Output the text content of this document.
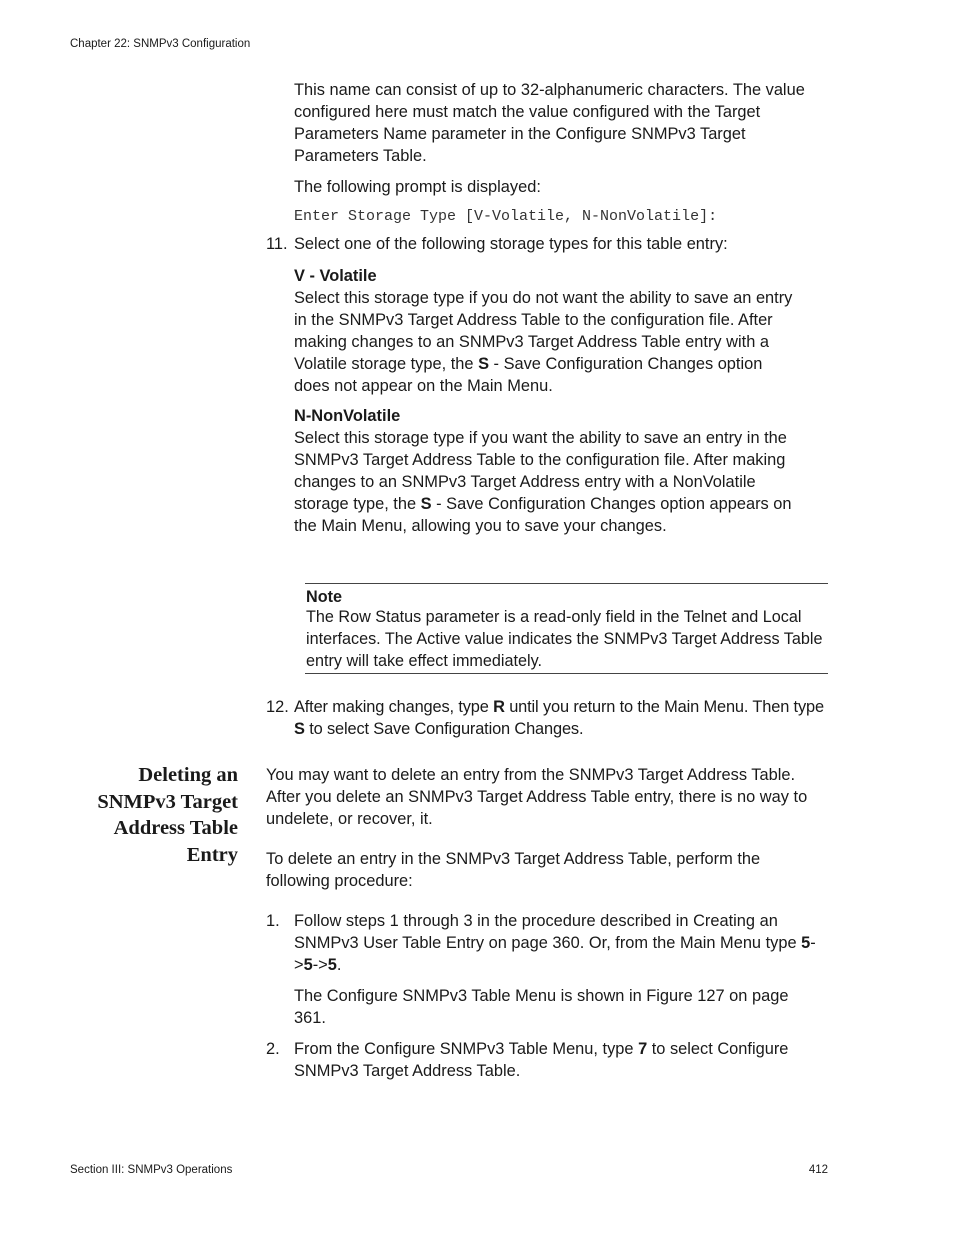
Chapter 22: SNMPv3 Configuration

This name can consist of up to 32-alphanumeric characters. The value configured here must match the value configured with the Target Parameters Name parameter in the Configure SNMPv3 Target Parameters Table.

The following prompt is displayed:

Enter Storage Type [V-Volatile, N-NonVolatile]:
11. Select one of the following storage types for this table entry:

V - Volatile

Select this storage type if you do not want the ability to save an entry in the SNMPv3 Target Address Table to the configuration file. After making changes to an SNMPv3 Target Address Table entry with a Volatile storage type, the S - Save Configuration Changes option does not appear on the Main Menu.

N-NonVolatile

Select this storage type if you want the ability to save an entry in the SNMPv3 Target Address Table to the configuration file. After making changes to an SNMPv3 Target Address entry with a NonVolatile storage type, the S - Save Configuration Changes option appears on the Main Menu, allowing you to save your changes.

Note

The Row Status parameter is a read-only field in the Telnet and Local interfaces. The Active value indicates the SNMPv3 Target Address Table entry will take effect immediately.

12. After making changes, type R until you return to the Main Menu. Then type S to select Save Configuration Changes.

Deleting an SNMPv3 Target Address Table Entry

You may want to delete an entry from the SNMPv3 Target Address Table. After you delete an SNMPv3 Target Address Table entry, there is no way to undelete, or recover, it.

To delete an entry in the SNMPv3 Target Address Table, perform the following procedure:

1. Follow steps 1 through 3 in the procedure described in Creating an SNMPv3 User Table Entry on page 360. Or, from the Main Menu type 5->5->5.

The Configure SNMPv3 Table Menu is shown in Figure 127 on page 361.

2. From the Configure SNMPv3 Table Menu, type 7 to select Configure SNMPv3 Target Address Table.

Section III: SNMPv3 Operations	412
